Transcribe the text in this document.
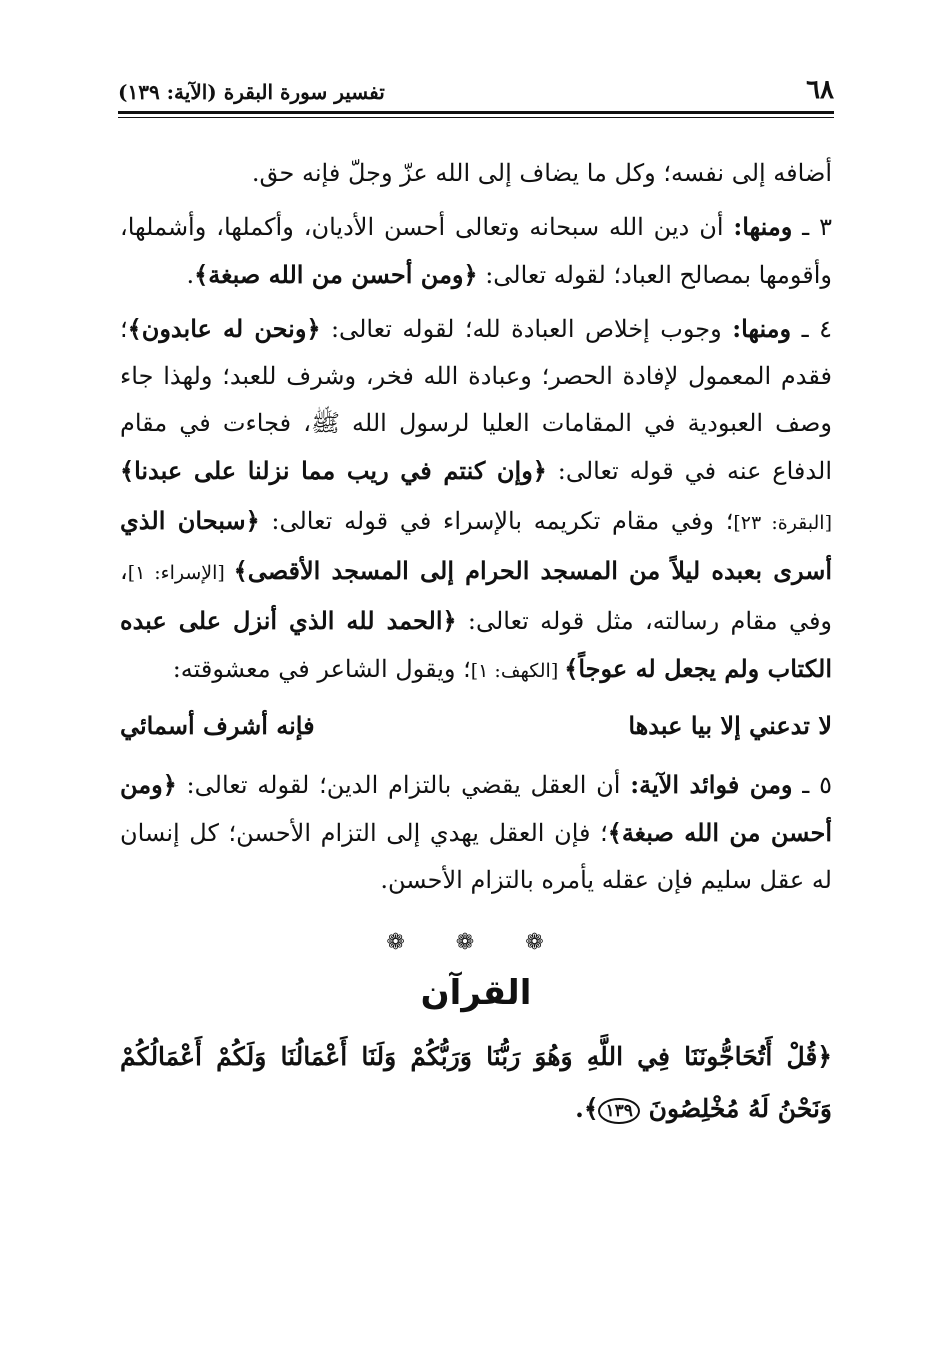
٦٨
تفسير سورة البقرة (الآية: ١٣٩)

أضافه إلى نفسه؛ وكل ما يضاف إلى الله عزّ وجلّ فإنه حق.

٣ ـ ومنها: أن دين الله سبحانه وتعالى أحسن الأديان، وأكملها، وأشملها، وأقومها بمصالح العباد؛ لقوله تعالى: ﴿ومن أحسن من الله صبغة﴾.

٤ ـ ومنها: وجوب إخلاص العبادة لله؛ لقوله تعالى: ﴿ونحن له عابدون﴾؛ فقدم المعمول لإفادة الحصر؛ وعبادة الله فخر، وشرف للعبد؛ ولهذا جاء وصف العبودية في المقامات العليا لرسول الله ﷺ، فجاءت في مقام الدفاع عنه في قوله تعالى: ﴿وإن كنتم في ريب مما نزلنا على عبدنا﴾ [البقرة: ٢٣]؛ وفي مقام تكريمه بالإسراء في قوله تعالى: ﴿سبحان الذي أسرى بعبده ليلاً من المسجد الحرام إلى المسجد الأقصى﴾ [الإسراء: ١]، وفي مقام رسالته، مثل قوله تعالى: ﴿الحمد لله الذي أنزل على عبده الكتاب ولم يجعل له عوجاً﴾ [الكهف: ١]؛ ويقول الشاعر في معشوقته:

لا تدعني إلا بيا عبدها
فإنه أشرف أسمائي

٥ ـ ومن فوائد الآية: أن العقل يقضي بالتزام الدين؛ لقوله تعالى: ﴿ومن أحسن من الله صبغة﴾؛ فإن العقل يهدي إلى التزام الأحسن؛ كل إنسان له عقل سليم فإن عقله يأمره بالتزام الأحسن.

❁ ❁ ❁
القرآن

﴿قُلْ أَتُحَاجُّونَنَا فِي اللَّهِ وَهُوَ رَبُّنَا وَرَبُّكُمْ وَلَنَا أَعْمَالُنَا وَلَكُمْ أَعْمَالُكُمْ وَنَحْنُ لَهُ مُخْلِصُونَ ١٣٩﴾.
